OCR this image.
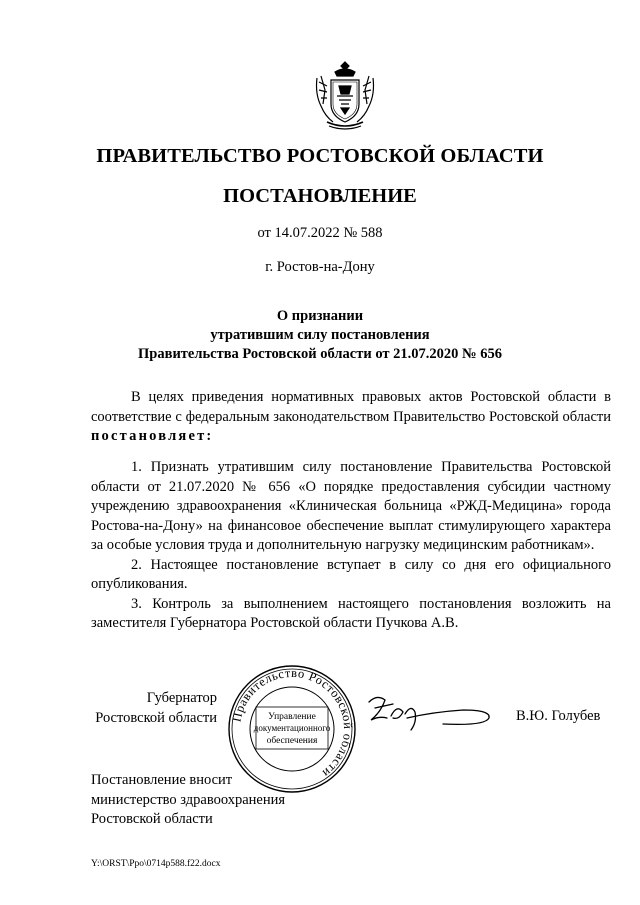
ПРАВИТЕЛЬСТВО РОСТОВСКОЙ ОБЛАСТИ
ПОСТАНОВЛЕНИЕ
от 14.07.2022 № 588
г. Ростов-на-Дону
О признании
утратившим силу постановления
Правительства Ростовской области от 21.07.2020 № 656

В целях приведения нормативных правовых актов Ростовской области в соответствие с федеральным законодательством Правительство Ростовской области постановляет:

1. Признать утратившим силу постановление Правительства Ростовской области от 21.07.2020 № 656 «О порядке предоставления субсидии частному учреждению здравоохранения «Клиническая больница «РЖД-Медицина» города Ростова-на-Дону» на финансовое обеспечение выплат стимулирующего характера за особые условия труда и дополнительную нагрузку медицинским работникам».

2. Настоящее постановление вступает в силу со дня его официального опубликования.

3. Контроль за выполнением настоящего постановления возложить на заместителя Губернатора Ростовской области Пучкова А.В.

Губернатор
Ростовской области Правительство Ростовской области
Управление
документационного
обеспечения
В.Ю. Голубев
Постановление вносит
министерство здравоохранения
Ростовской области
Y:\ORST\Ppo\0714p588.f22.docx
